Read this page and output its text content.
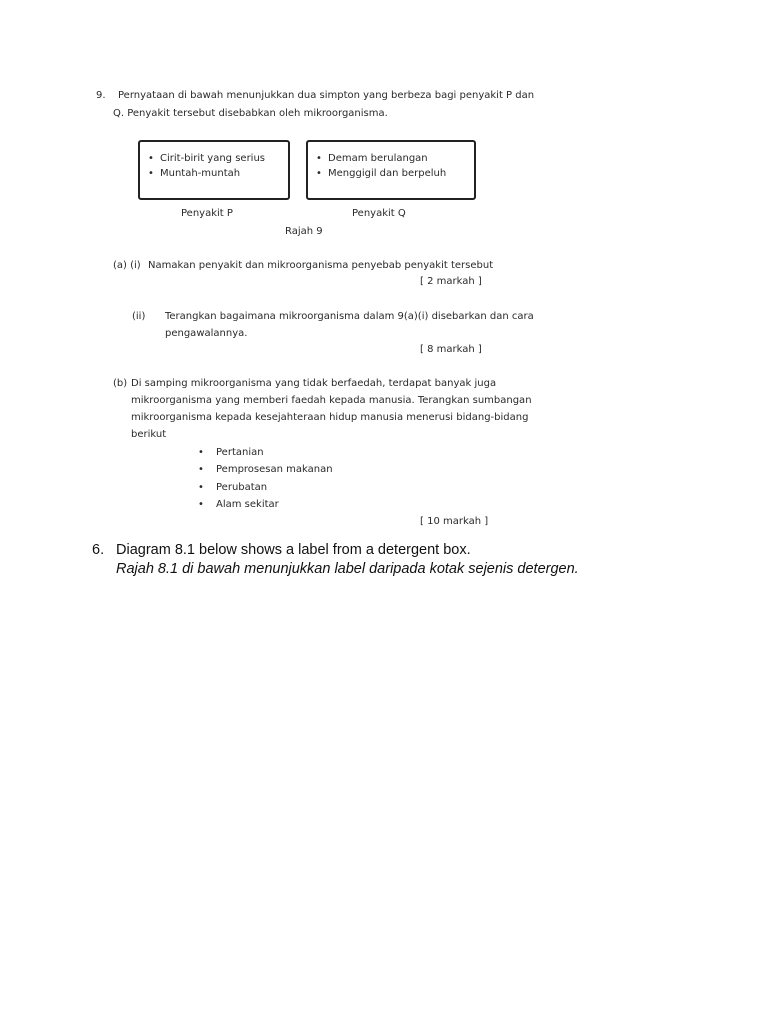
9. Pernyataan di bawah menunjukkan dua simpton yang berbeza bagi penyakit P dan
Q. Penyakit tersebut disebabkan oleh mikroorganisma.
• Cirit-birit yang serius
• Muntah-muntah
• Demam berulangan
• Menggigil dan berpeluh
Penyakit P	Penyakit Q
Rajah 9
(a) (i) Namakan penyakit dan mikroorganisma penyebab penyakit tersebut
[ 2 markah ]
(ii) Terangkan bagaimana mikroorganisma dalam 9(a)(i) disebarkan dan cara
pengawalannya.
[ 8 markah ]
(b) Di samping mikroorganisma yang tidak berfaedah, terdapat banyak juga
mikroorganisma yang memberi faedah kepada manusia. Terangkan sumbangan
mikroorganisma kepada kesejahteraan hidup manusia menerusi bidang-bidang
berikut
• Pertanian
• Pemprosesan makanan
• Perubatan
• Alam sekitar
[ 10 markah ]
6. Diagram 8.1 below shows a label from a detergent box.
Rajah 8.1 di bawah menunjukkan label daripada kotak sejenis detergen.
